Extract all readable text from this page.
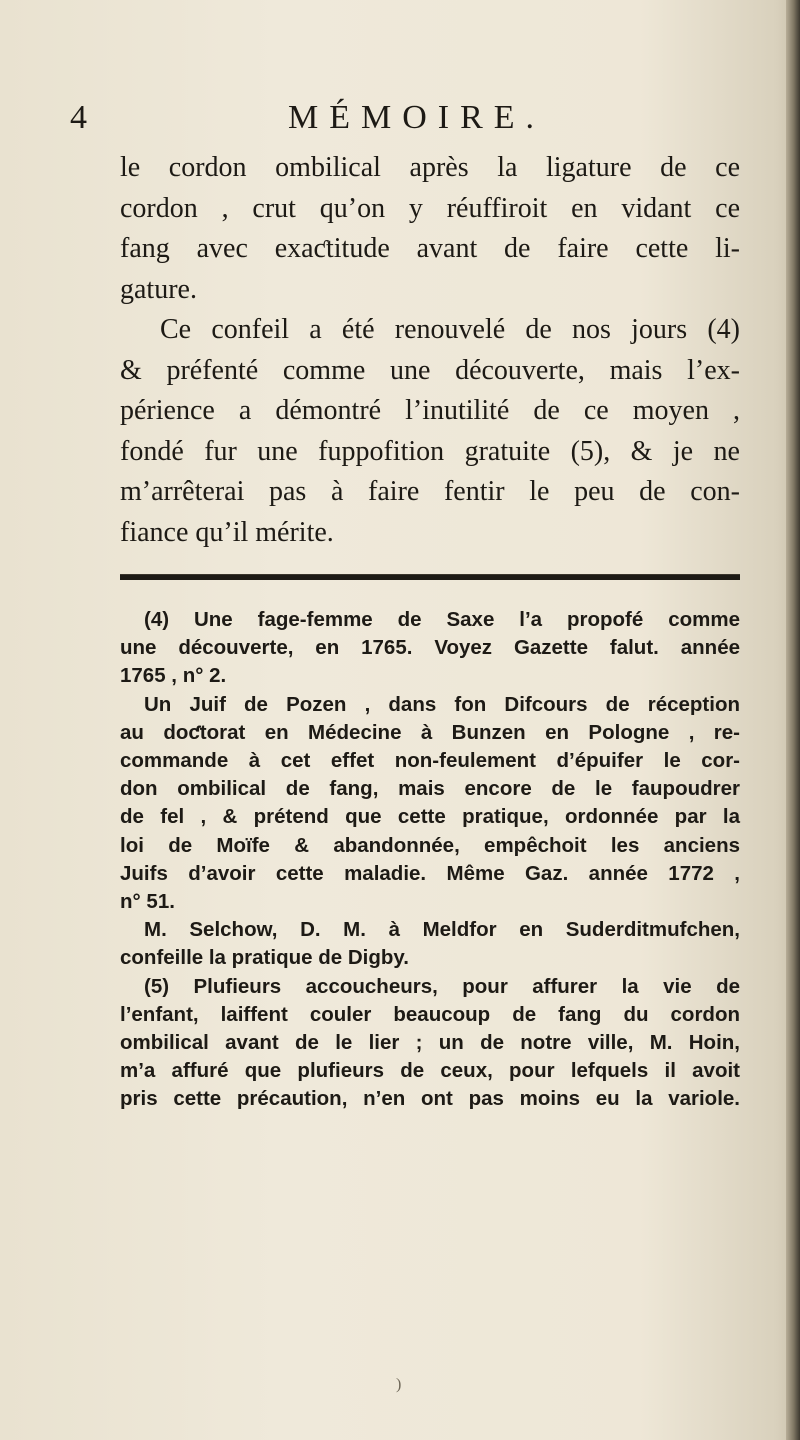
4	MÉMOIRE.

le cordon ombilical après la ligature de ce
cordon , crut qu’on y réuffiroit en vidant ce
fang avec exaƈtitude avant de faire cette li-
gature.

Ce confeil a été renouvelé de nos jours (4)
& préfenté comme une découverte, mais l’ex-
périence a démontré l’inutilité de ce moyen ,
fondé fur une fuppofition gratuite (5), & je ne
m’arrêterai pas à faire fentir le peu de con-
fiance qu’il mérite.

(4) Une fage-femme de Saxe l’a propofé comme
une découverte, en 1765. Voyez Gazette falut. année
1765 , n° 2.

Un Juif de Pozen , dans fon Difcours de réception
au doƈtorat en Médecine à Bunzen en Pologne , re-
commande à cet effet non-feulement d’épuifer le cor-
don ombilical de fang, mais encore de le faupoudrer
de fel , & prétend que cette pratique, ordonnée par la
loi de Moïfe & abandonnée, empêchoit les anciens
Juifs d’avoir cette maladie. Même Gaz. année 1772 ,
n° 51.

M. Selchow, D. M. à Meldfor en Suderditmufchen,
confeille la pratique de Digby.

(5) Plufieurs accoucheurs, pour affurer la vie de
l’enfant, laiffent couler beaucoup de fang du cordon
ombilical avant de le lier ; un de notre ville, M. Hoin,
m’a affuré que plufieurs de ceux, pour lefquels il avoit
pris cette précaution, n’en ont pas moins eu la variole.

)
